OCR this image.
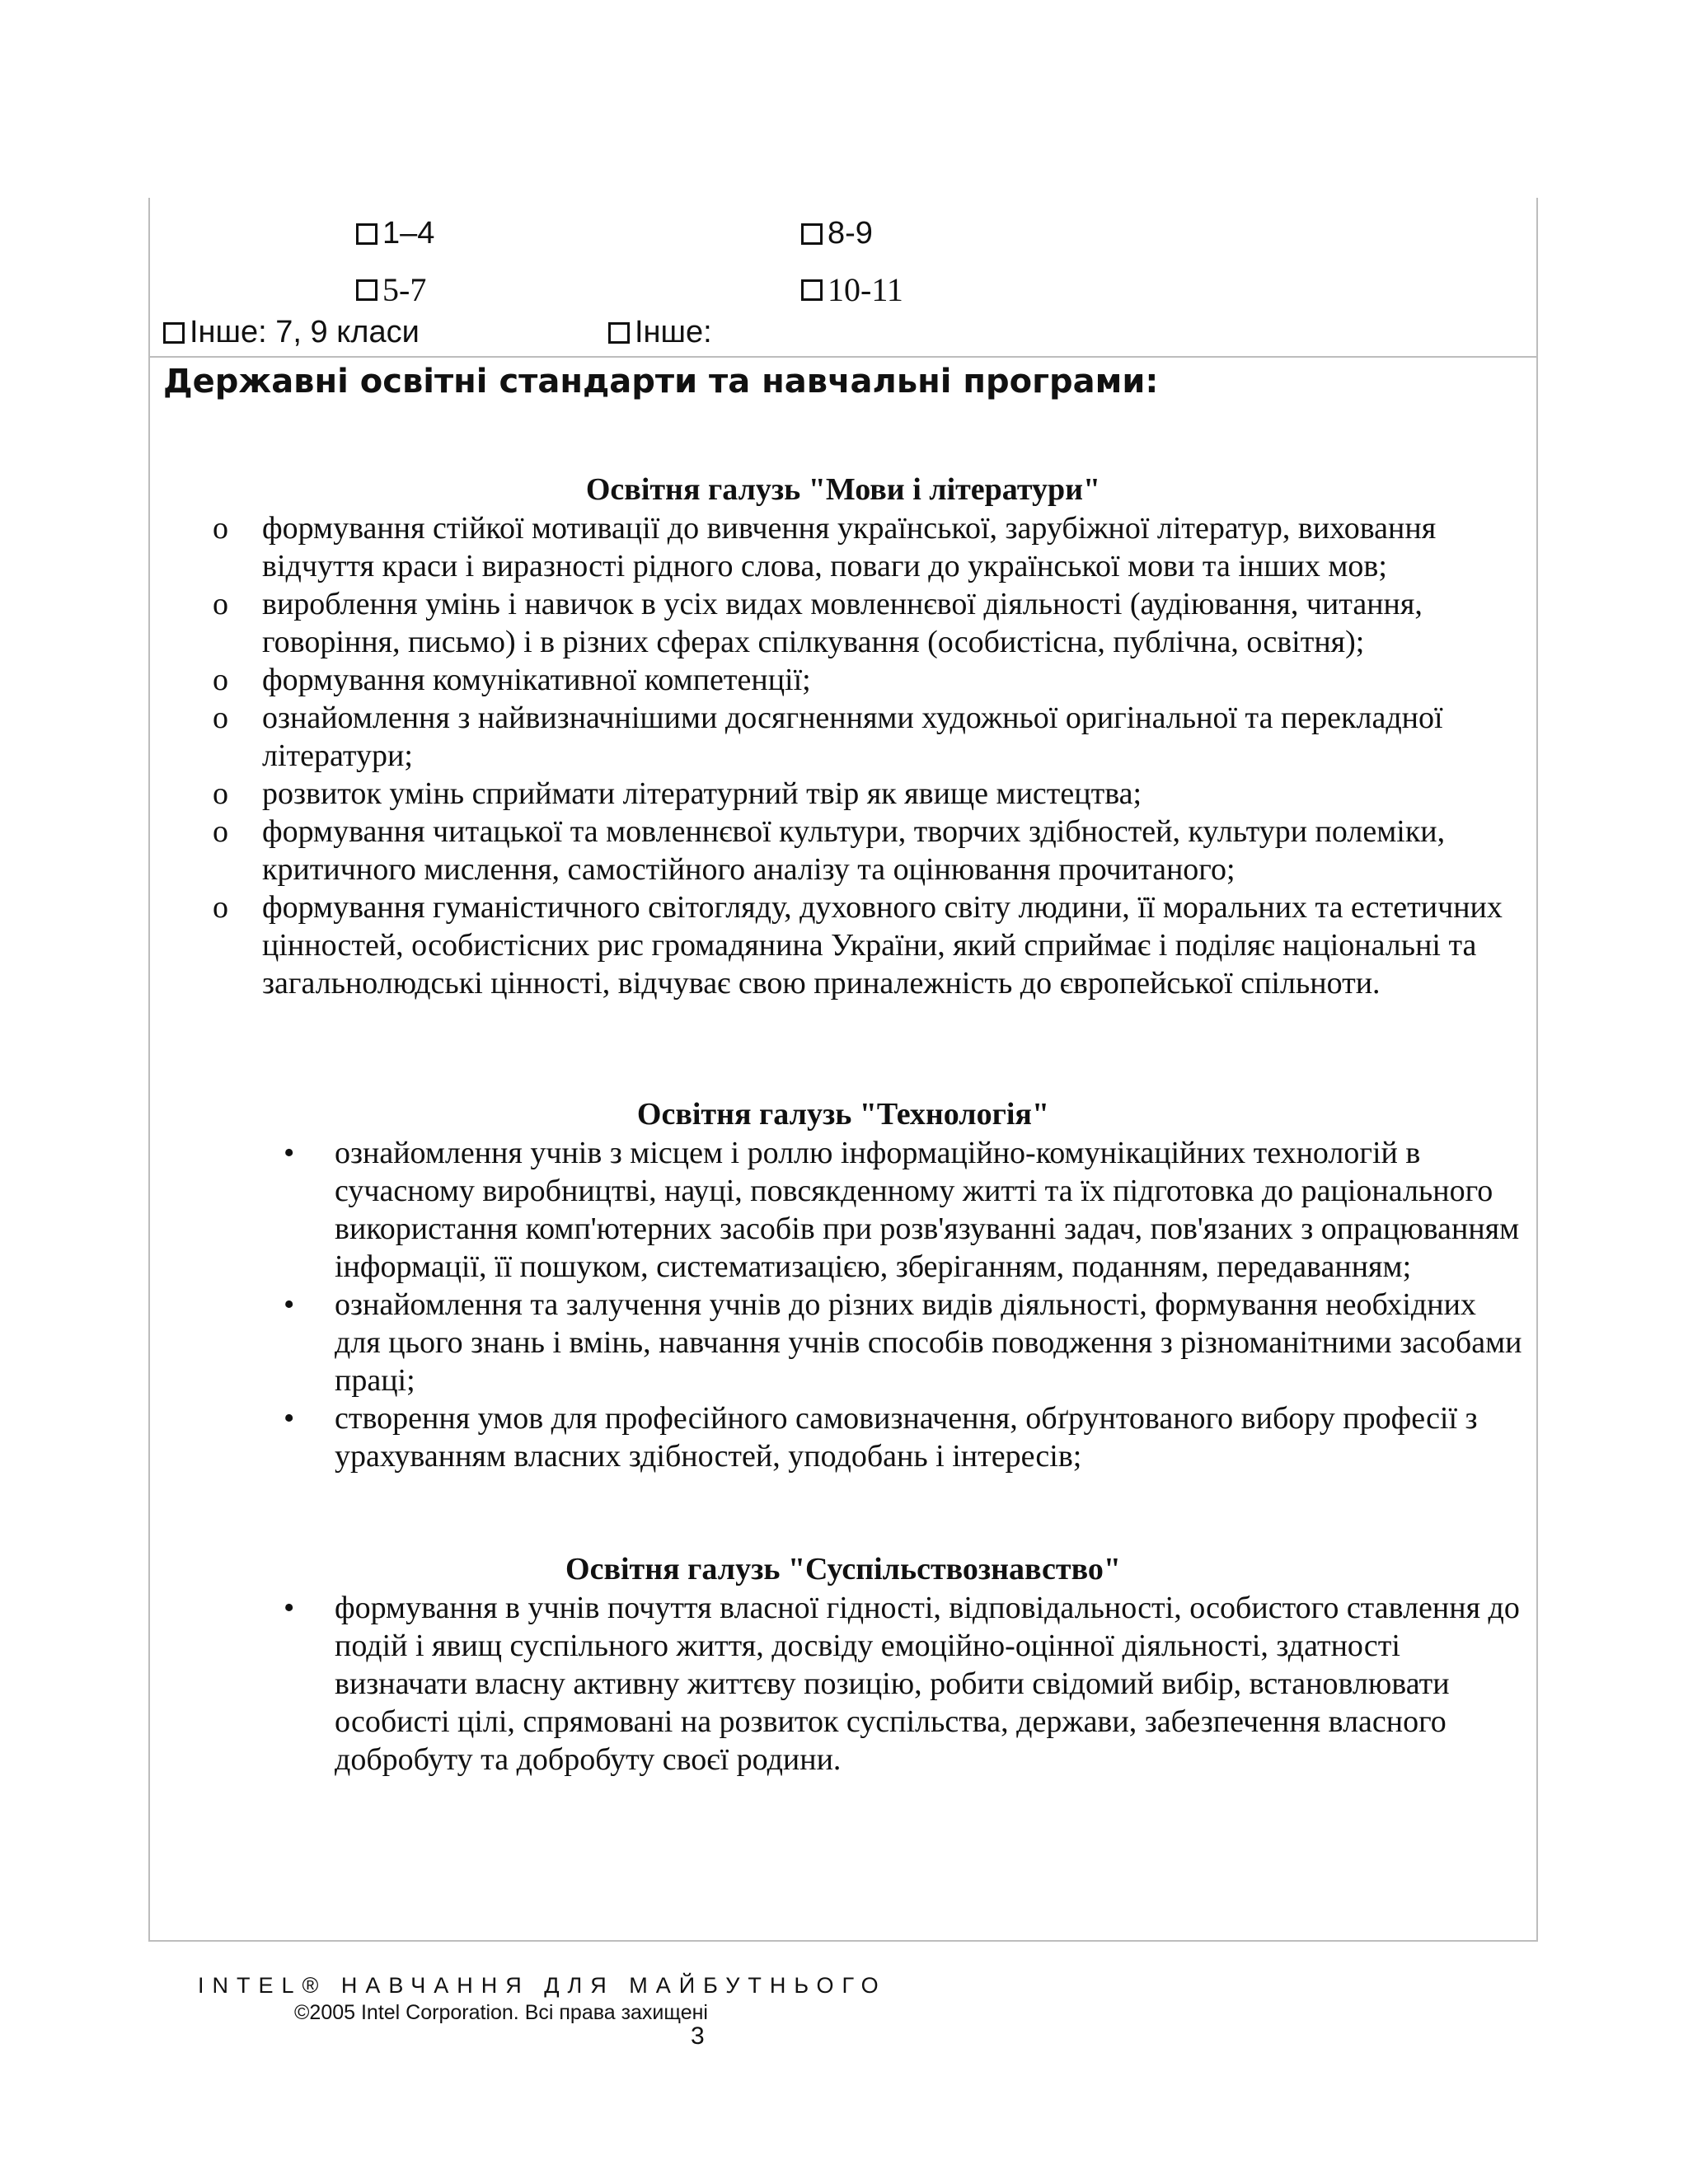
1–4	8-9
5-7	10-11
Інше: 7, 9 класи	Інше:
Державні освітні стандарти та навчальні програми:
Освітня галузь "Мови і літератури"
o формування стійкої мотивації до вивчення української, зарубіжної літератур, виховання відчуття краси і виразності рідного слова, поваги до української мови та інших мов;
o вироблення умінь і навичок в усіх видах мовленнєвої діяльності (аудіювання, читання, говоріння, письмо) і в різних сферах спілкування (особистісна, публічна, освітня);
o формування комунікативної компетенції;
o ознайомлення з найвизначнішими досягненнями художньої оригінальної та перекладної літератури;
o розвиток умінь сприймати літературний твір як явище мистецтва;
o формування читацької та мовленнєвої культури, творчих здібностей, культури полеміки, критичного мислення, самостійного аналізу та оцінювання прочитаного;
o формування гуманістичного світогляду, духовного світу людини, її моральних та естетичних цінностей, особистісних рис громадянина України, який сприймає і поділяє національні та загальнолюдські цінності, відчуває свою приналежність до європейської спільноти.
Освітня галузь "Технологія"
• ознайомлення учнів з місцем і роллю інформаційно-комунікаційних технологій в сучасному виробництві, науці, повсякденному житті та їх підготовка до раціонального використання комп'ютерних засобів при розв'язуванні задач, пов'язаних з опрацюванням інформації, її пошуком, систематизацією, зберіганням, поданням, передаванням;
• ознайомлення та залучення учнів до різних видів діяльності, формування необхідних для цього знань і вмінь, навчання учнів способів поводження з різноманітними засобами праці;
• створення умов для професійного самовизначення, обґрунтованого вибору професії з урахуванням власних здібностей, уподобань і інтересів;
Освітня галузь "Суспільствознавство"
• формування в учнів почуття власної гідності, відповідальності, особистого ставлення до подій і явищ суспільного життя, досвіду емоційно-оцінної діяльності, здатності визначати власну активну життєву позицію, робити свідомий вибір, встановлювати особисті цілі, спрямовані на розвиток суспільства, держави, забезпечення власного добробуту та добробуту своєї родини.
INTEL® НАВЧАННЯ ДЛЯ МАЙБУТНЬОГО
©2005 Intel Corporation. Всі права захищені
3
